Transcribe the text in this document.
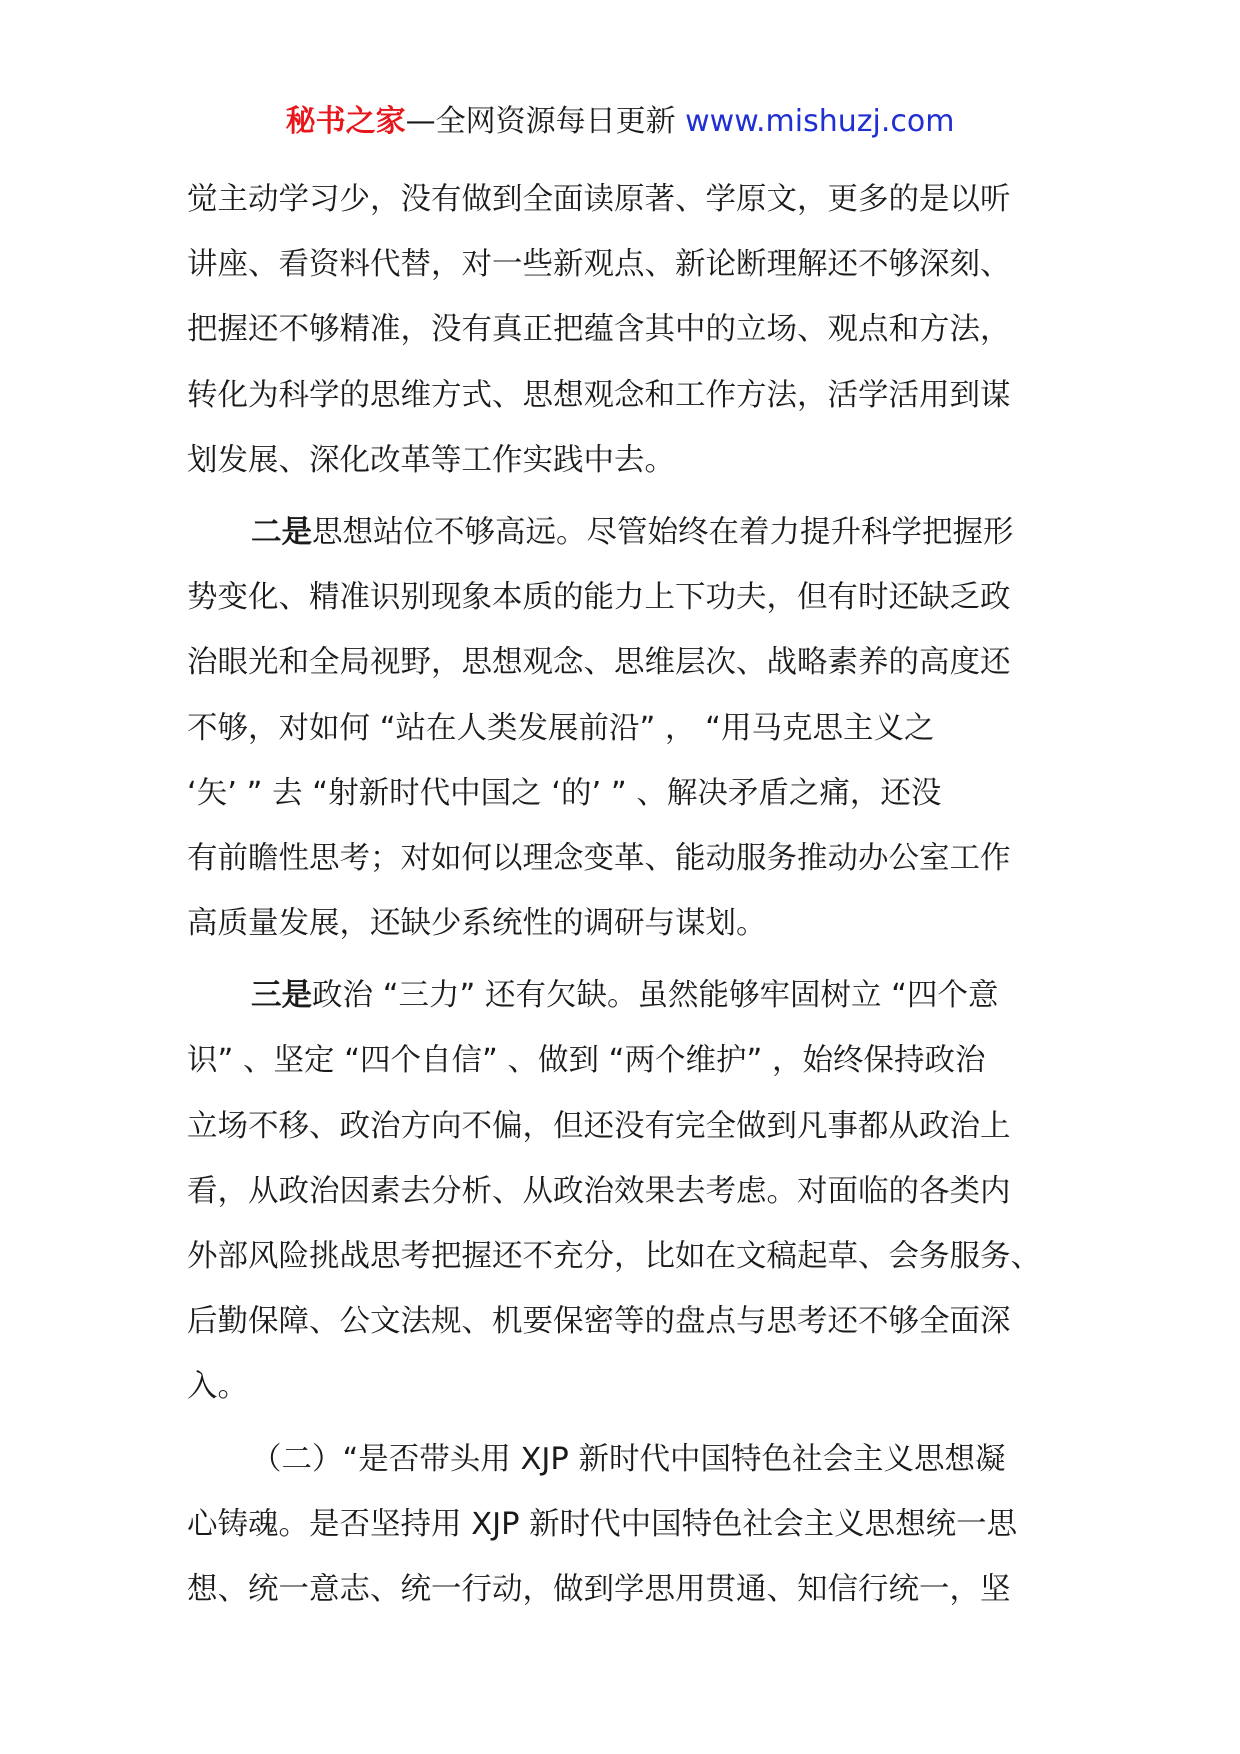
秘书之家—全网资源每日更新 www.mishuzj.com
觉主动学习少，没有做到全面读原著、学原文，更多的是以听
讲座、看资料代替，对一些新观点、新论断理解还不够深刻、
把握还不够精准，没有真正把蕴含其中的立场、观点和方法，
转化为科学的思维方式、思想观念和工作方法，活学活用到谋
划发展、深化改革等工作实践中去。
二是思想站位不够高远。尽管始终在着力提升科学把握形
势变化、精准识别现象本质的能力上下功夫，但有时还缺乏政
治眼光和全局视野，思想观念、思维层次、战略素养的高度还
不够，对如何 “站在人类发展前沿” ， “用马克思主义之
‘矢’ ” 去 “射新时代中国之 ‘的’ ” 、解决矛盾之痛，还没
有前瞻性思考；对如何以理念变革、能动服务推动办公室工作
高质量发展，还缺少系统性的调研与谋划。
三是政治 “三力” 还有欠缺。虽然能够牢固树立 “四个意
识” 、坚定 “四个自信” 、做到 “两个维护” ，始终保持政治
立场不移、政治方向不偏，但还没有完全做到凡事都从政治上
看，从政治因素去分析、从政治效果去考虑。对面临的各类内
外部风险挑战思考把握还不充分，比如在文稿起草、会务服务、
后勤保障、公文法规、机要保密等的盘点与思考还不够全面深
入。
（二）“是否带头用 XJP 新时代中国特色社会主义思想凝
心铸魂。是否坚持用 XJP 新时代中国特色社会主义思想统一思
想、统一意志、统一行动，做到学思用贯通、知信行统一，坚
